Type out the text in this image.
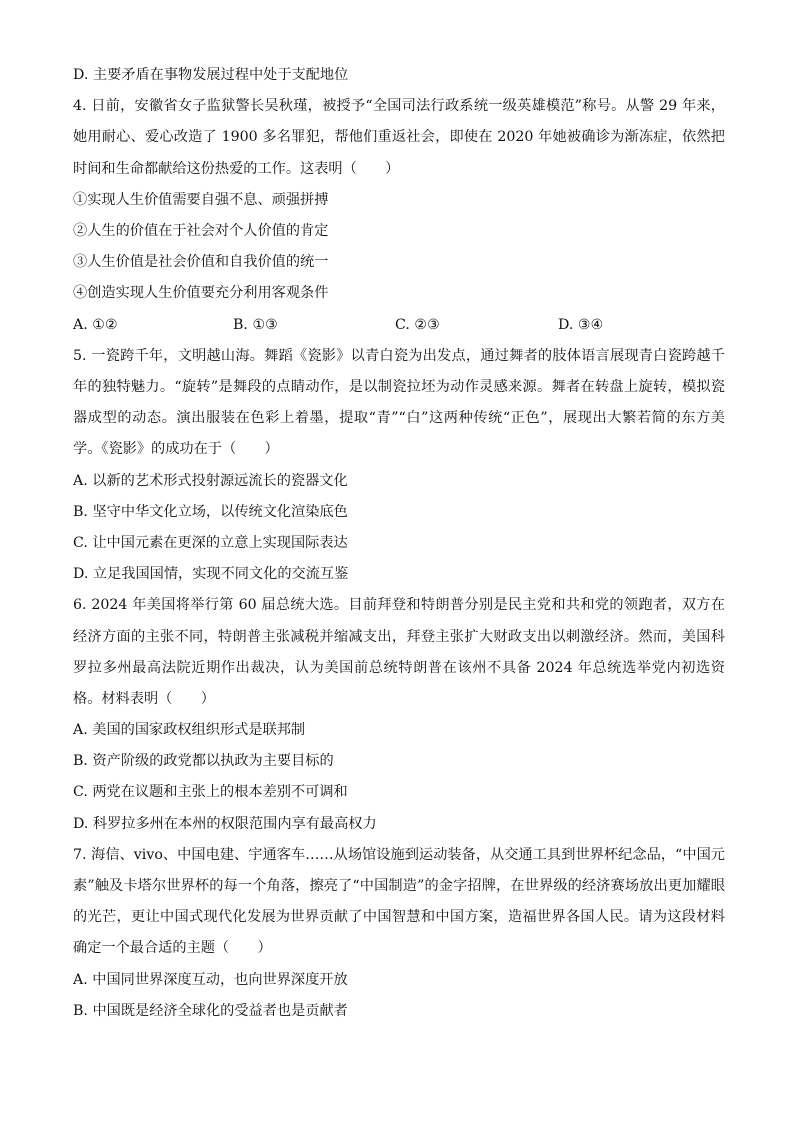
D. 主要矛盾在事物发展过程中处于支配地位
4. 日前，安徽省女子监狱警长吴秋瑾，被授予“全国司法行政系统一级英雄模范”称号。从警 29 年来，她用耐心、爱心改造了 1900 多名罪犯，帮他们重返社会，即使在 2020 年她被确诊为渐冻症，依然把时间和生命都献给这份热爱的工作。这表明（　　）
①实现人生价值需要自强不息、顽强拼搏
②人生的价值在于社会对个人价值的肯定
③人生价值是社会价值和自我价值的统一
④创造实现人生价值要充分利用客观条件
A. ①②	B. ①③	C. ②③	D. ③④
5. 一瓷跨千年，文明越山海。舞蹈《瓷影》以青白瓷为出发点，通过舞者的肢体语言展现青白瓷跨越千年的独特魅力。“旋转”是舞段的点睛动作，是以制瓷拉坯为动作灵感来源。舞者在转盘上旋转，模拟瓷器成型的动态。演出服装在色彩上着墨，提取“青”“白”这两种传统“正色”，展现出大繁若简的东方美学。《瓷影》的成功在于（　　）
A. 以新的艺术形式投射源远流长的瓷器文化
B. 坚守中华文化立场，以传统文化渲染底色
C. 让中国元素在更深的立意上实现国际表达
D. 立足我国国情，实现不同文化的交流互鉴
6. 2024 年美国将举行第 60 届总统大选。目前拜登和特朗普分别是民主党和共和党的领跑者，双方在经济方面的主张不同，特朗普主张减税并缩减支出，拜登主张扩大财政支出以刺激经济。然而，美国科罗拉多州最高法院近期作出裁决，认为美国前总统特朗普在该州不具备 2024 年总统选举党内初选资格。材料表明（　　）
A. 美国的国家政权组织形式是联邦制
B. 资产阶级的政党都以执政为主要目标的
C. 两党在议题和主张上的根本差别不可调和
D. 科罗拉多州在本州的权限范围内享有最高权力
7. 海信、vivo、中国电建、宇通客车……从场馆设施到运动装备，从交通工具到世界杯纪念品，“中国元素”触及卡塔尔世界杯的每一个角落，擦亮了“中国制造”的金字招牌，在世界级的经济赛场放出更加耀眼的光芒，更让中国式现代化发展为世界贡献了中国智慧和中国方案，造福世界各国人民。请为这段材料确定一个最合适的主题（　　）
A. 中国同世界深度互动，也向世界深度开放
B. 中国既是经济全球化的受益者也是贡献者
